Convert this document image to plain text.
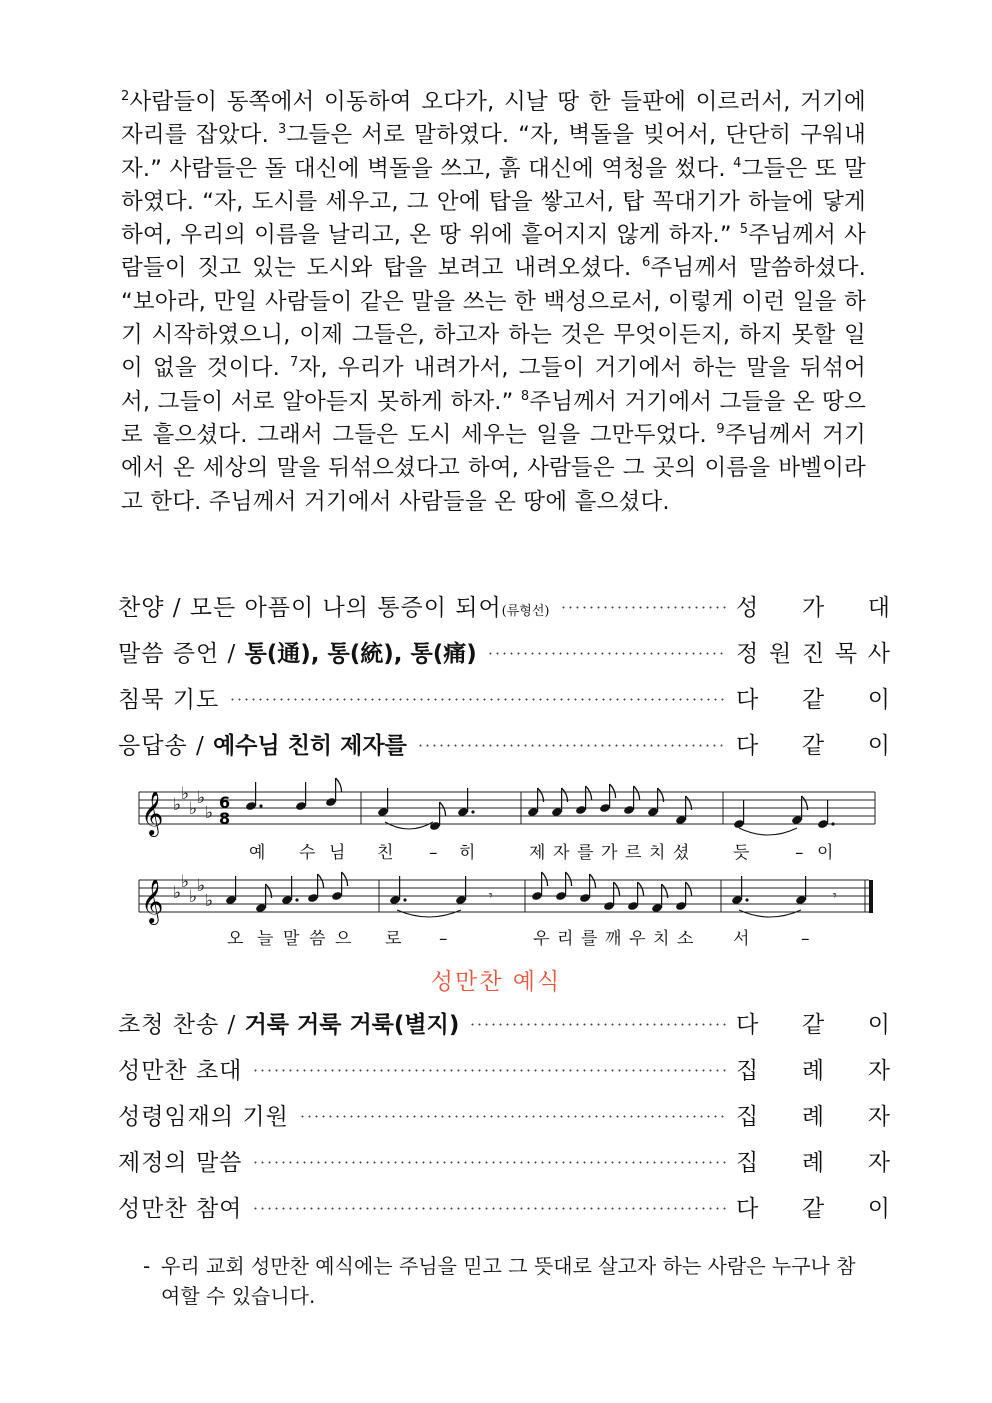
$^2$사람들이 동쪽에서 이동하여 오다가, 시날 땅 한 들판에 이르러서, 거기에 자리를 잡았다. $^3$그들은 서로 말하였다. “자, 벽돌을 빚어서, 단단히 구워내자.” 사람들은 돌 대신에 벽돌을 쓰고, 흙 대신에 역청을 썼다. $^4$그들은 또 말하였다. “자, 도시를 세우고, 그 안에 탑을 쌓고서, 탑 꼭대기가 하늘에 닿게 하여, 우리의 이름을 날리고, 온 땅 위에 흩어지지 않게 하자.” $^5$주님께서 사람들이 짓고 있는 도시와 탑을 보려고 내려오셨다. $^6$주님께서 말씀하셨다. “보아라, 만일 사람들이 같은 말을 쓰는 한 백성으로서, 이렇게 이런 일을 하기 시작하였으니, 이제 그들은, 하고자 하는 것은 무엇이든지, 하지 못할 일이 없을 것이다. $^7$자, 우리가 내려가서, 그들이 거기에서 하는 말을 뒤섞어서, 그들이 서로 알아듣지 못하게 하자.” $^8$주님께서 거기에서 그들을 온 땅으로 흩으셨다. 그래서 그들은 도시 세우는 일을 그만두었다. $^9$주님께서 거기에서 온 세상의 말을 뒤섞으셨다고 하여, 사람들은 그 곳의 이름을 바벨이라고 한다. 주님께서 거기에서 사람들을 온 땅에 흩으셨다.
찬양 / 모든 아픔이 나의 통증이 되어(류형선)	성 가 대
말씀 증언 / 통(通), 통(統), 통(痛)	정 원 진 목 사
침묵 기도	다 같 이
응답송 / 예수님 친히 제자를	다 같 이
𝄞 ♭
♭
♭
♭
♭
6
8
예 수 님 친 – 히	제 자 를 가 르 치 셨	듯	– 이
𝄞 ♭
♭
♭
♭
♭	𝄾	𝄾
오 늘 말 씀 으 로 –	우 리 를 깨 우 치 소 서	–
성만찬 예식
초청 찬송 / 거룩 거룩 거룩(별지)	다 같 이
성만찬 초대	집 례 자
성령임재의 기원	집 례 자
제정의 말씀	집 례 자
성만찬 참여	다 같 이
- 우리 교회 성만찬 예식에는 주님을 믿고 그 뜻대로 살고자 하는 사람은 누구나 참여할 수 있습니다.
